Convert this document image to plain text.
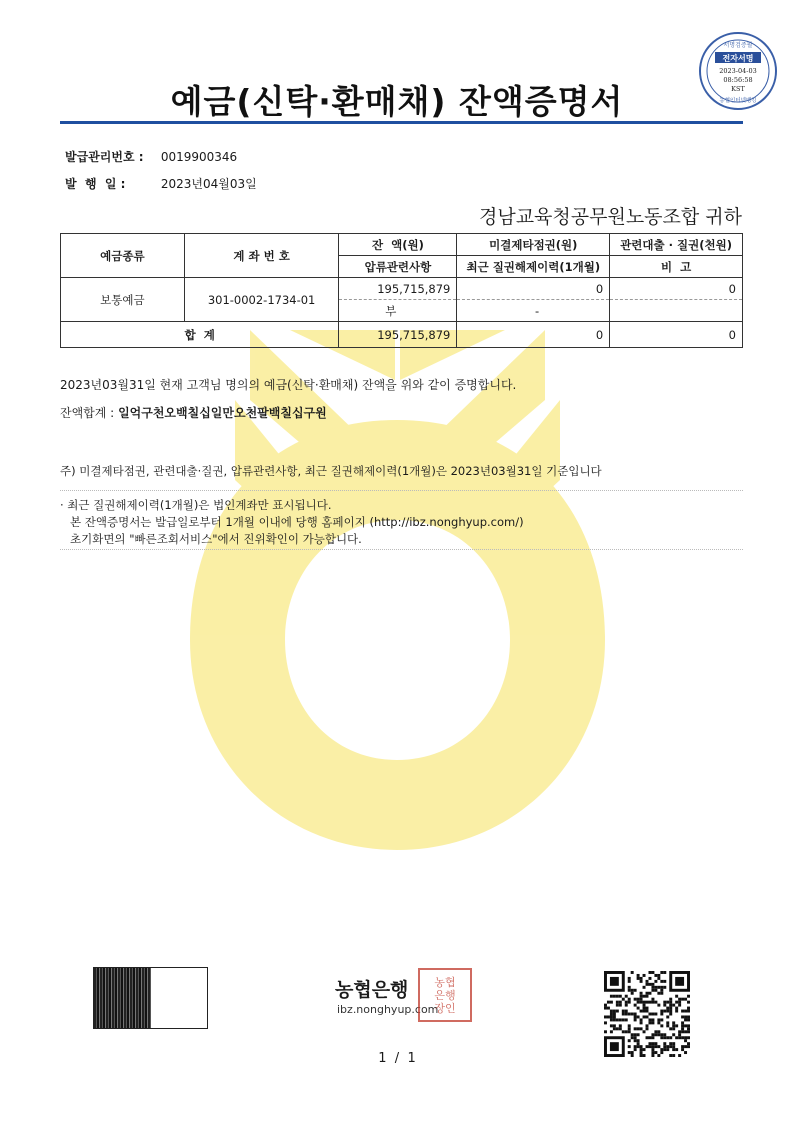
서명검증필
전자서명
2023-04-03
08:56:58
KST
농협인터넷뱅킹
예금(신탁·환매채) 잔액증명서
발급관리번호 : 0019900346
발  행  일 :	2023년04월03일
경남교육청공무원노동조합 귀하
예금종류	계 좌 번 호	잔  액(원)	미결제타점권(원)	관련대출 · 질권(천원)
		압류관련사항	최근 질권해제이력(1개월)	비  고
보통예금	301-0002-1734-01	195,715,879	0	0
		부	-	
합  계		195,715,879	0	0
2023년03월31일 현재 고객님 명의의 예금(신탁·환매채) 잔액을 위와 같이 증명합니다.
잔액합계 : 일억구천오백칠십일만오천팔백칠십구원
주) 미결제타점권, 관련대출·질권, 압류관련사항, 최근 질권해제이력(1개월)은 2023년03월31일 기준입니다
· 최근 질권해제이력(1개월)은 법인계좌만 표시됩니다.
본 잔액증명서는 발급일로부터 1개월 이내에 당행 홈페이지 (http://ibz.nonghyup.com/)
초기화면의 "빠른조회서비스"에서 진위확인이 가능합니다.
농협은행
ibz.nonghyup.com
농협
은행
장인
1  /  1
